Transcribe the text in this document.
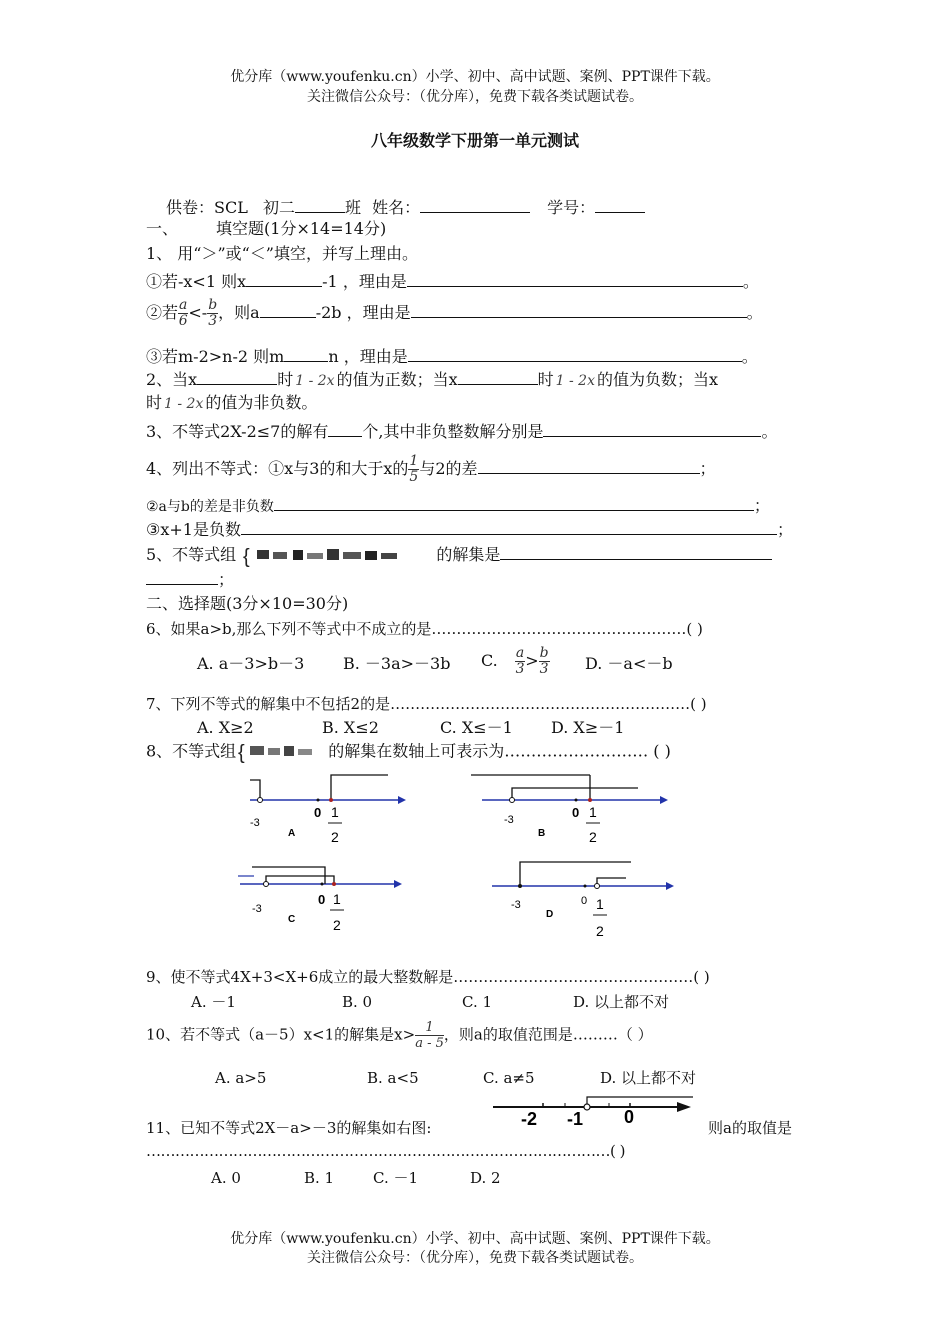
优分库（www.youfenku.cn）小学、初中、高中试题、案例、PPT课件下载。
关注微信公众号：（优分库），免费下载各类试题试卷。
八年级数学下册第一单元测试
供卷：SCL 初二	班 姓名：	学号：
一、 填空题(1分×14=14分)
1、 用“＞”或“＜”填空，并写上理由。
①若-x<1 则x	-1 ，理由是	。
②若 $\frac{a}{6} <- \frac{b}{3}$ ，则a	-2b ，理由是	。
③若m-2>n-2 则m	n ，理由是	。
2、当x	时 1 - 2x 的值为正数；当x	时 1 - 2x 的值为负数；当x
时 1 - 2x 的值为非负数。
3、不等式2X-2≤7的解有 个,其中非负整数解分别是	。
4、列出不等式：①x与3的和大于x的 $\frac{1}{5}$ 与2的差	；
②a与b的差是非负数	；
③x+1是负数	；
5、不等式组 {	的解集是
；
二、选择题(3分×10=30分)
6、如果a>b,那么下列不等式中不成立的是……………………………………………( )
A. a－3>b－3 B. －3a>－3b C. $\frac{a}{3} > \frac{b}{3} D$. －a<－b
7、下列不等式的解集中不包括2的是……………………………………………………( )
A. X≥2	B. X≤2	C. X≤－1 D. X≥－1
8、不等式组 {	的解集在数轴上可表示为……………………… ( )
-3
0 1
2
A
-3	0 1
2
B
-3
0 1
2
C
-3	0 1
2
D
9、使不等式4X+3<X+6成立的最大整数解是…………………………………………( )
A. －1	B. 0	C. 1	D. 以上都不对
10、若不等式（a－5）x<1的解集是$x> \frac{1}{a - 5}$ ，则a的取值范围是………（ ）
A. a>5	B. a<5	C. a≠5	D. 以上都不对
11、已知不等式2X－a>－3的解集如右图:	-2 -1 0
则a的取值是
……………………………………………………………………………………( )
A. 0	B. 1	C. －1	D. 2
优分库（www.youfenku.cn）小学、初中、高中试题、案例、PPT课件下载。
关注微信公众号：（优分库），免费下载各类试题试卷。
